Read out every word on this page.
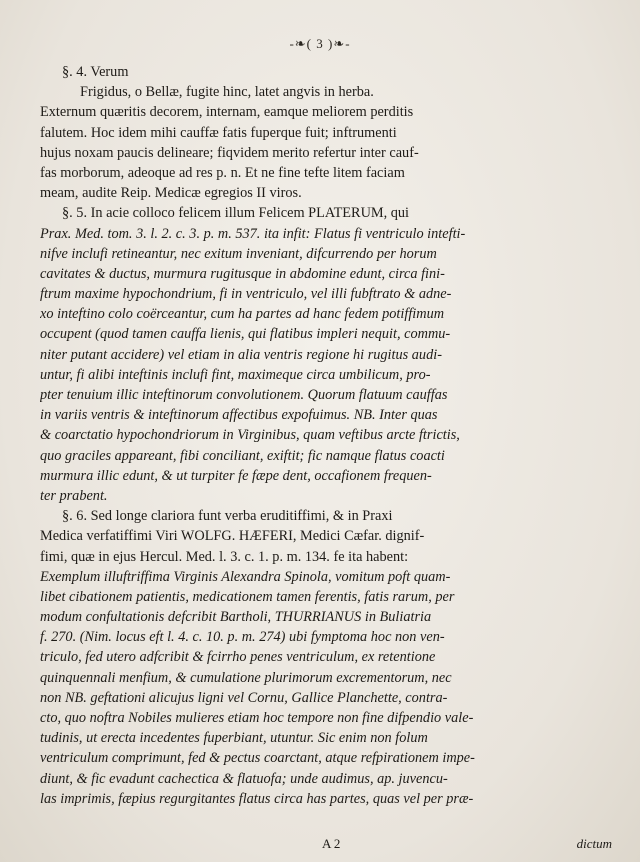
-❧( 3 )❧-
§. 4. Verum
Frigidus, o Bellæ, fugite hinc, latet angvis in herba.
Externum quæritis decorem, internam, eamque meliorem perditis
falutem. Hoc idem mihi cauffæ fatis fuperque fuit; inftrumenti
hujus noxam paucis delineare; fiqvidem merito refertur inter cauf-
fas morborum, adeoque ad res p. n. Et ne fine tefte litem faciam
meam, audite Reip. Medicæ egregios II viros.
§. 5. In acie colloco felicem illum Felicem PLATERUM, qui
Prax. Med. tom. 3. l. 2. c. 3. p. m. 537. ita infit: Flatus fi ventriculo intefti-
nifve inclufi retineantur, nec exitum inveniant, difcurrendo per horum
cavitates & ductus, murmura rugitusque in abdomine edunt, circa fini-
ftrum maxime hypochondrium, fi in ventriculo, vel illi fubftrato & adne-
xo inteftino colo coërceantur, cum ha partes ad hanc fedem potiffimum
occupent (quod tamen cauffa lienis, qui flatibus impleri nequit, commu-
niter putant accidere) vel etiam in alia ventris regione hi rugitus audi-
untur, fi alibi inteftinis inclufi fint, maximeque circa umbilicum, pro-
pter tenuium illic inteftinorum convolutionem. Quorum flatuum cauffas
in variis ventris & inteftinorum affectibus expofuimus. NB. Inter quas
& coarctatio hypochondriorum in Virginibus, quam veftibus arcte ftrictis,
quo graciles appareant, fibi conciliant, exiftit; fic namque flatus coacti
murmura illic edunt, & ut turpiter fe fæpe dent, occafionem frequen-
ter prabent.
§. 6. Sed longe clariora funt verba eruditiffimi, & in Praxi
Medica verfatiffimi Viri WOLFG. HÆFERI, Medici Cæfar. dignif-
fimi, quæ in ejus Hercul. Med. l. 3. c. 1. p. m. 134. fe ita habent:
Exemplum illuftriffima Virginis Alexandra Spinola, vomitum poft quam-
libet cibationem patientis, medicationem tamen ferentis, fatis rarum, per
modum confultationis defcribit Bartholi, THURRIANUS in Buliatria
f. 270. (Nim. locus eft l. 4. c. 10. p. m. 274) ubi fymptoma hoc non ven-
triculo, fed utero adfcribit & fcirrho penes ventriculum, ex retentione
quinquennali menfium, & cumulatione plurimorum excrementorum, nec
non NB. geftationi alicujus ligni vel Cornu, Gallice Planchette, contra-
cto, quo noftra Nobiles mulieres etiam hoc tempore non fine difpendio vale-
tudinis, ut erecta incedentes fuperbiant, utuntur. Sic enim non folum
ventriculum comprimunt, fed & pectus coarctant, atque refpirationem impe-
diunt, & fic evadunt cachectica & flatuofa; unde audimus, ap. juvencu-
las imprimis, fæpius regurgitantes flatus circa has partes, quas vel per præ-
A 2	dictum
